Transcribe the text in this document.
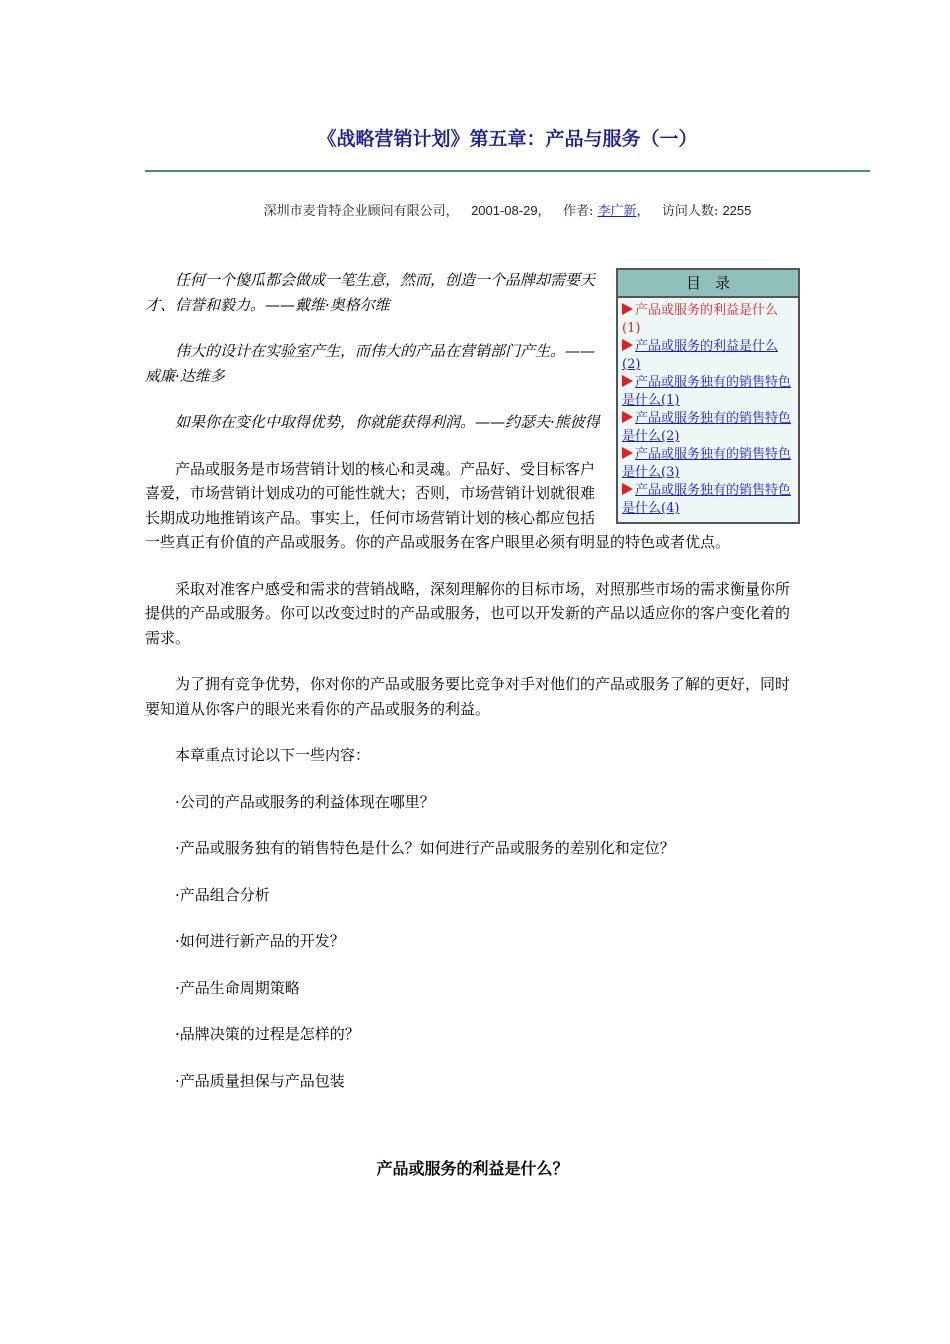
《战略营销计划》第五章：产品与服务（一）
深圳市麦肯特企业顾问有限公司， 2001-08-29， 作者: 李广新， 访问人数: 2255
目录
产品或服务的利益是什么(1)
产品或服务的利益是什么(2)
产品或服务独有的销售特色是什么(1)
产品或服务独有的销售特色是什么(2)
产品或服务独有的销售特色是什么(3)
产品或服务独有的销售特色是什么(4)

任何一个傻瓜都会做成一笔生意，然而，创造一个品牌却需要天才、信誉和毅力。——戴维·奥格尔维

伟大的设计在实验室产生，而伟大的产品在营销部门产生。——威廉·达维多

如果你在变化中取得优势，你就能获得利润。——约瑟夫·熊彼得

产品或服务是市场营销计划的核心和灵魂。产品好、受目标客户喜爱，市场营销计划成功的可能性就大；否则，市场营销计划就很难长期成功地推销该产品。事实上，任何市场营销计划的核心都应包括一些真正有价值的产品或服务。你的产品或服务在客户眼里必须有明显的特色或者优点。

采取对准客户感受和需求的营销战略，深刻理解你的目标市场，对照那些市场的需求衡量你所提供的产品或服务。你可以改变过时的产品或服务，也可以开发新的产品以适应你的客户变化着的需求。

为了拥有竞争优势，你对你的产品或服务要比竞争对手对他们的产品或服务了解的更好，同时要知道从你客户的眼光来看你的产品或服务的利益。

本章重点讨论以下一些内容：

·公司的产品或服务的利益体现在哪里？

·产品或服务独有的销售特色是什么？如何进行产品或服务的差别化和定位？

·产品组合分析

·如何进行新产品的开发？

·产品生命周期策略

·品牌决策的过程是怎样的？

·产品质量担保与产品包装

产品或服务的利益是什么？
